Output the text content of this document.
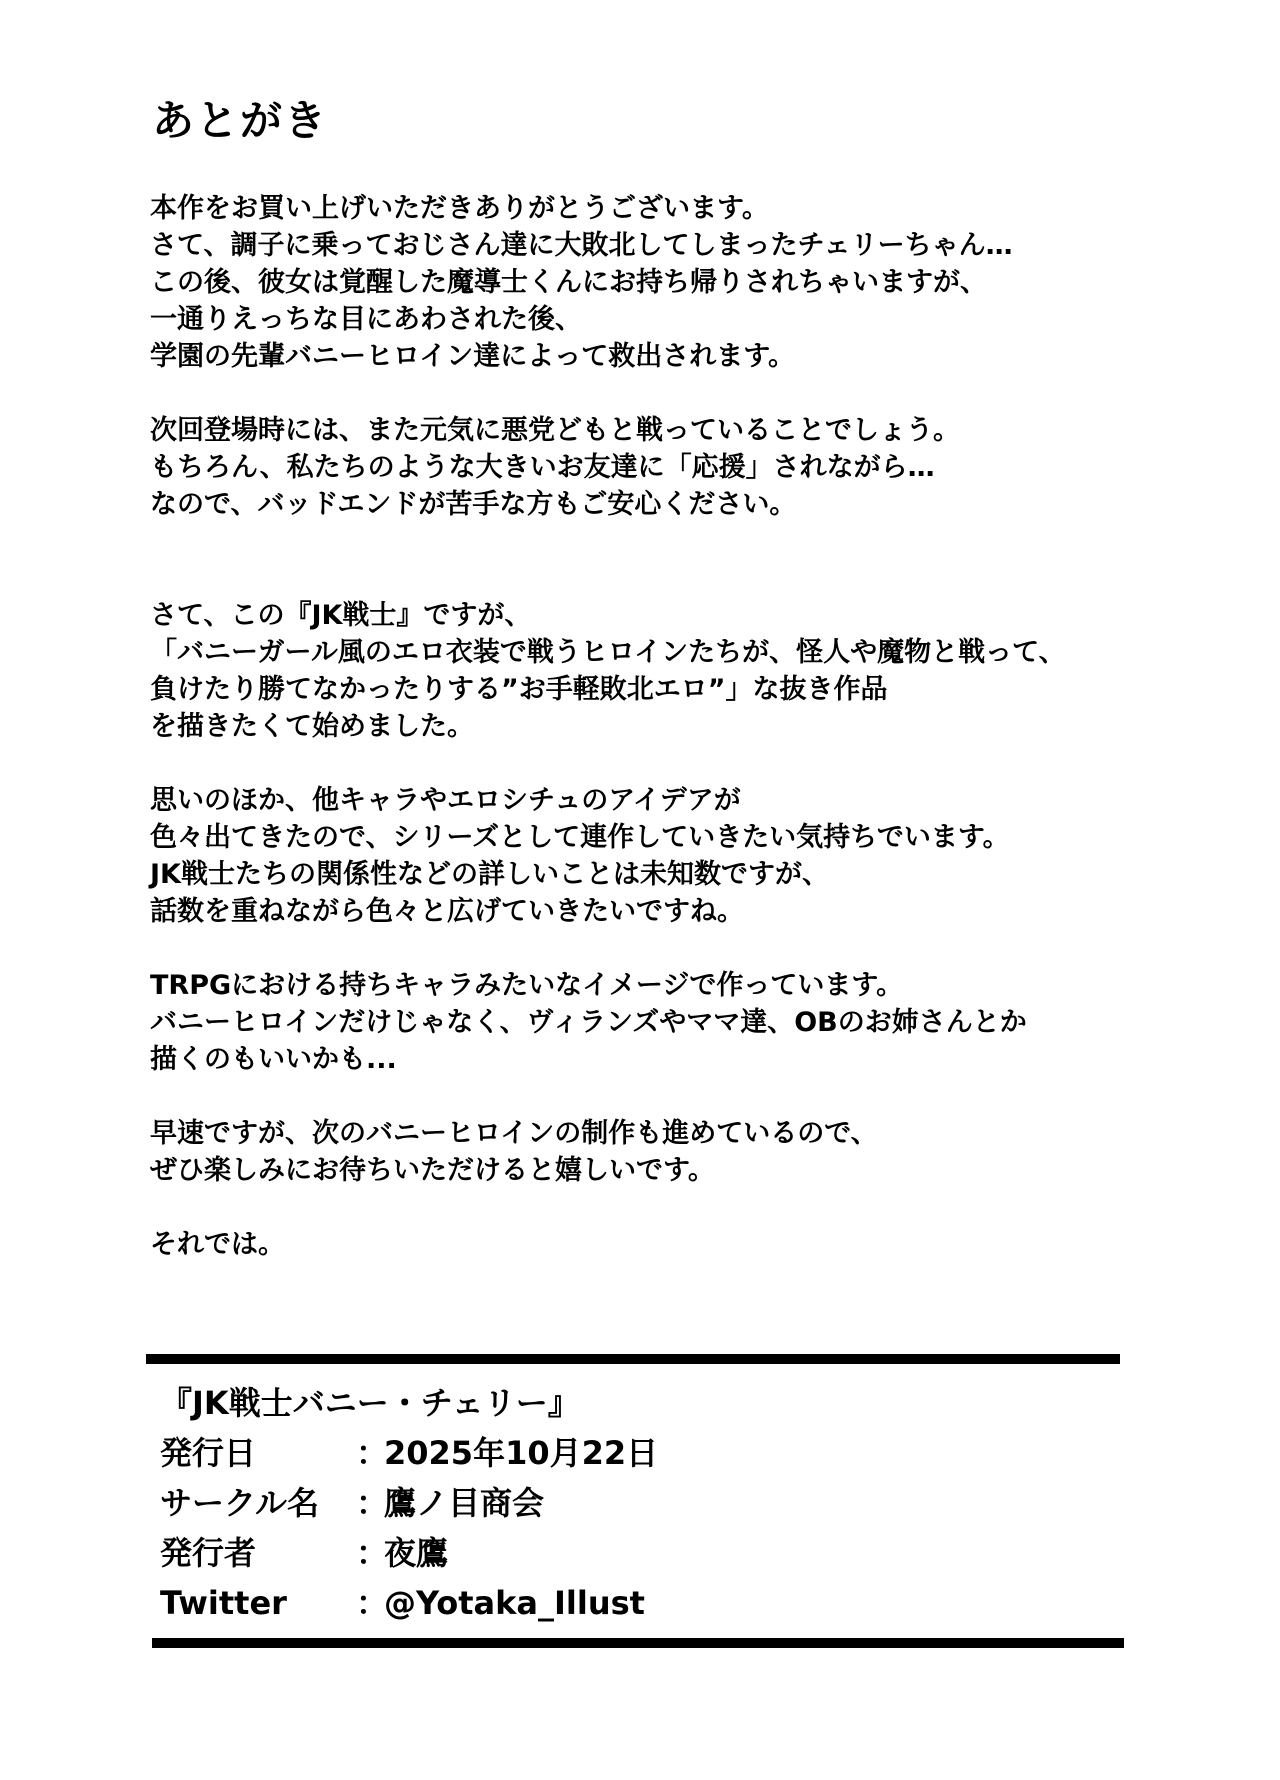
あとがき

本作をお買い上げいただきありがとうございます。
さて、調子に乗っておじさん達に大敗北してしまったチェリーちゃん…
この後、彼女は覚醒した魔導士くんにお持ち帰りされちゃいますが、
一通りえっちな目にあわされた後、
学園の先輩バニーヒロイン達によって救出されます。

次回登場時には、また元気に悪党どもと戦っていることでしょう。
もちろん、私たちのような大きいお友達に「応援」されながら…
なので、バッドエンドが苦手な方もご安心ください。

さて、この『JK戦士』ですが、
「バニーガール風のエロ衣装で戦うヒロインたちが、怪人や魔物と戦って、
負けたり勝てなかったりする”お手軽敗北エロ”」な抜き作品
を描きたくて始めました。

思いのほか、他キャラやエロシチュのアイデアが
色々出てきたので、シリーズとして連作していきたい気持ちでいます。
JK戦士たちの関係性などの詳しいことは未知数ですが、
話数を重ねながら色々と広げていきたいですね。

TRPGにおける持ちキャラみたいなイメージで作っています。
バニーヒロインだけじゃなく、ヴィランズやママ達、OBのお姉さんとか
描くのもいいかも...

早速ですが、次のバニーヒロインの制作も進めているので、
ぜひ楽しみにお待ちいただけると嬉しいです。

それでは。

『JK戦士バニー・チェリー』

発行日	：
2025年10月22日
サークル名	：
鷹ノ目商会
発行者	：
夜鷹
Twitter	：
@Yotaka_Illust
